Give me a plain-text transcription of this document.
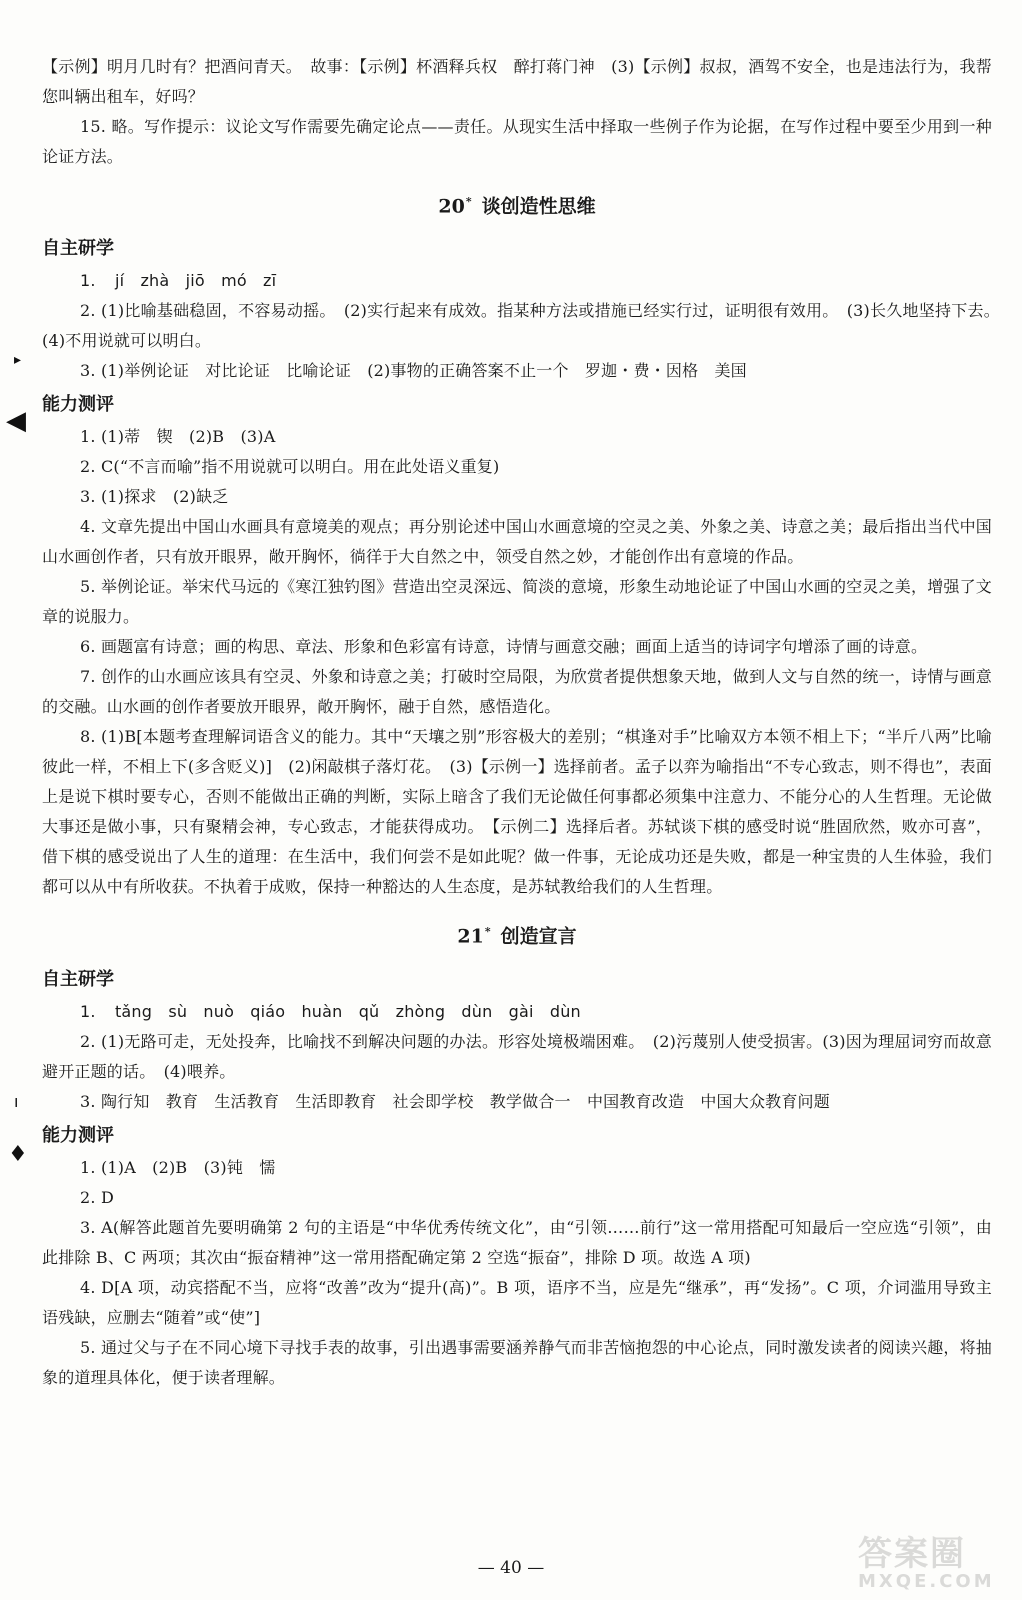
▸
◀
ı
♦

【示例】明月几时有？把酒问青天。　故事：【示例】杯酒释兵权　醉打蒋门神　(3)【示例】叔叔，酒驾不安全，也是违法行为，我帮您叫辆出租车，好吗？

15. 略。写作提示：议论文写作需要先确定论点——责任。从现实生活中择取一些例子作为论据，在写作过程中要至少用到一种论证方法。

20* 谈创造性思维
自主研学

1. jí　zhà　jiō　mó　zī

2. (1)比喻基础稳固，不容易动摇。　(2)实行起来有成效。指某种方法或措施已经实行过，证明很有效用。　(3)长久地坚持下去。　(4)不用说就可以明白。

3. (1)举例论证　对比论证　比喻论证　(2)事物的正确答案不止一个　罗迦・费・因格　美国

能力测评

1. (1)蒂　锲　(2)B　(3)A

2. C(“不言而喻”指不用说就可以明白。用在此处语义重复)

3. (1)探求　(2)缺乏

4. 文章先提出中国山水画具有意境美的观点；再分别论述中国山水画意境的空灵之美、外象之美、诗意之美；最后指出当代中国山水画创作者，只有放开眼界，敞开胸怀，徜徉于大自然之中，领受自然之妙，才能创作出有意境的作品。

5. 举例论证。举宋代马远的《寒江独钓图》营造出空灵深远、简淡的意境，形象生动地论证了中国山水画的空灵之美，增强了文章的说服力。

6. 画题富有诗意；画的构思、章法、形象和色彩富有诗意，诗情与画意交融；画面上适当的诗词字句增添了画的诗意。

7. 创作的山水画应该具有空灵、外象和诗意之美；打破时空局限，为欣赏者提供想象天地，做到人文与自然的统一，诗情与画意的交融。山水画的创作者要放开眼界，敞开胸怀，融于自然，感悟造化。

8. (1)B[本题考查理解词语含义的能力。其中“天壤之别”形容极大的差别；“棋逢对手”比喻双方本领不相上下；“半斤八两”比喻彼此一样，不相上下(多含贬义)]　(2)闲敲棋子落灯花。　(3)【示例一】选择前者。孟子以弈为喻指出“不专心致志，则不得也”，表面上是说下棋时要专心，否则不能做出正确的判断，实际上暗含了我们无论做任何事都必须集中注意力、不能分心的人生哲理。无论做大事还是做小事，只有聚精会神，专心致志，才能获得成功。　【示例二】选择后者。苏轼谈下棋的感受时说“胜固欣然，败亦可喜”，借下棋的感受说出了人生的道理：在生活中，我们何尝不是如此呢？做一件事，无论成功还是失败，都是一种宝贵的人生体验，我们都可以从中有所收获。不执着于成败，保持一种豁达的人生态度，是苏轼教给我们的人生哲理。

21* 创造宣言
自主研学

1. tǎng　sù　nuò　qiáo　huàn　qǔ　zhòng　dùn　gài　dùn

2. (1)无路可走，无处投奔，比喻找不到解决问题的办法。形容处境极端困难。　(2)污蔑别人使受损害。(3)因为理屈词穷而故意避开正题的话。　(4)喂养。

3. 陶行知　教育　生活教育　生活即教育　社会即学校　教学做合一　中国教育改造　中国大众教育问题

能力测评

1. (1)A　(2)B　(3)钝　懦

2. D

3. A(解答此题首先要明确第 2 句的主语是“中华优秀传统文化”，由“引领……前行”这一常用搭配可知最后一空应选“引领”，由此排除 B、C 两项；其次由“振奋精神”这一常用搭配确定第 2 空选“振奋”，排除 D 项。故选 A 项)

4. D[A 项，动宾搭配不当，应将“改善”改为“提升(高)”。B 项，语序不当，应是先“继承”，再“发扬”。C 项，介词滥用导致主语残缺，应删去“随着”或“使”]

5. 通过父与子在不同心境下寻找手表的故事，引出遇事需要涵养静气而非苦恼抱怨的中心论点，同时激发读者的阅读兴趣，将抽象的道理具体化，便于读者理解。

— 40 —	答案圈
MXQE.COM
